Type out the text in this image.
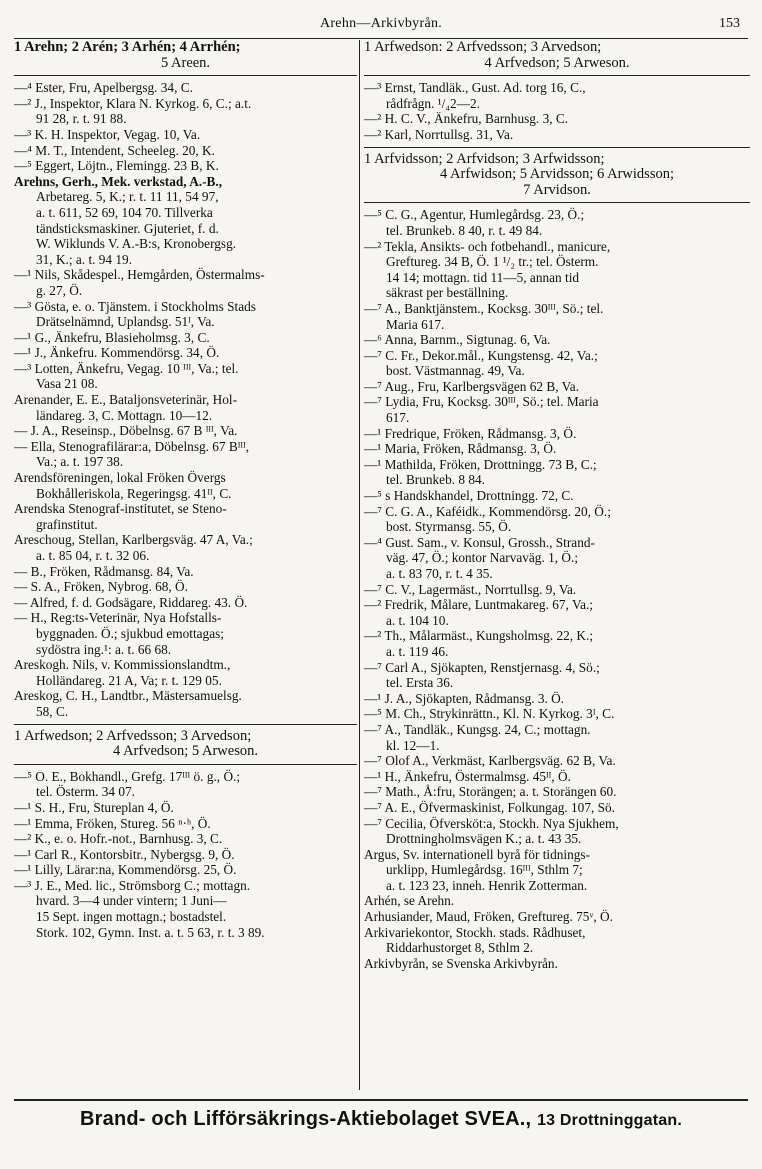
Arehn—Arkivbyrån.	153
1 Arehn; 2 Arén; 3 Arhén; 4 Arrhén;
5 Areen.
—⁴ Ester, Fru, Apelbergsg. 34, C.
—² J., Inspektor, Klara N. Kyrkog. 6, C.; a.t.
91 28, r. t. 91 88.
—³ K. H. Inspektor, Vegag. 10, Va.
—⁴ M. T., Intendent, Scheeleg. 20, K.
—⁵ Eggert, Löjtn., Flemingg. 23 B, K.
Arehns, Gerh., Mek. verkstad, A.-B.,
Arbetareg. 5, K.; r. t. 11 11, 54 97,
a. t. 611, 52 69, 104 70. Tillverka
tändsticksmaskiner. Gjuteriet, f. d.
W. Wiklunds V. A.-B:s, Kronobergsg.
31, K.; a. t. 94 19.
—¹ Nils, Skådespel., Hemgården, Östermalms-
g. 27, Ö.
—³ Gösta, e. o. Tjänstem. i Stockholms Stads
Drätselnämnd, Uplandsg. 51ᴵ, Va.
—¹ G., Änkefru, Blasieholmsg. 3, C.
—¹ J., Änkefru. Kommendörsg. 34, Ö.
—³ Lotten, Änkefru, Vegag. 10 ᴵᴵᴵ, Va.; tel.
Vasa 21 08.
Arenander, E. E., Bataljonsveterinär, Hol-
ländareg. 3, C. Mottagn. 10—12.
— J. A., Reseinsp., Döbelnsg. 67 B ᴵᴵᴵ, Va.
— Ella, Stenografilärar:a, Döbelnsg. 67 Bᴵᴵᴵ,
Va.; a. t. 197 38.
Arendsföreningen, lokal Fröken Övergs
Bokhålleriskola, Regeringsg. 41ᴵᴵ, C.
Arendska Stenograf-institutet, se Steno-
grafinstitut.
Areschoug, Stellan, Karlbergsväg. 47 A, Va.;
a. t. 85 04, r. t. 32 06.
— B., Fröken, Rådmansg. 84, Va.
— S. A., Fröken, Nybrog. 68, Ö.
— Alfred, f. d. Godsägare, Riddareg. 43. Ö.
— H., Reg:ts-Veterinär, Nya Hofstalls-
byggnaden. Ö.; sjukbud emottagas;
sydöstra ing.¹: a. t. 66 68.
Areskogh. Nils, v. Kommissionslandtm.,
Holländareg. 21 A, Va; r. t. 129 05.
Areskog, C. H., Landtbr., Mästersamuelsg.
58, C.
1 Arfwedson; 2 Arfvedsson; 3 Arvedson;
4 Arfvedson; 5 Arweson.
—⁵ O. E., Bokhandl., Grefg. 17ᴵᴵᴵ ö. g., Ö.;
tel. Österm. 34 07.
—¹ S. H., Fru, Stureplan 4, Ö.
—¹ Emma, Fröken, Stureg. 56 ⁿ·ʰ, Ö.
—² K., e. o. Hofr.-not., Barnhusg. 3, C.
—¹ Carl R., Kontorsbitr., Nybergsg. 9, Ö.
—¹ Lilly, Lärar:na, Kommendörsg. 25, Ö.
—³ J. E., Med. lic., Strömsborg C.; mottagn.
hvard. 3—4 under vintern; 1 Juni—
15 Sept. ingen mottagn.; bostadstel.
Stork. 102, Gymn. Inst. a. t. 5 63, r. t. 3 89.
1 Arfwedson: 2 Arfvedsson; 3 Arvedson;
4 Arfvedson; 5 Arweson.
—³ Ernst, Tandläk., Gust. Ad. torg 16, C.,
rådfrågn. ¹/₄2—2.
—² H. C. V., Änkefru, Barnhusg. 3, C.
—² Karl, Norrtullsg. 31, Va.
1 Arfvidsson; 2 Arfvidson; 3 Arfwidsson;
4 Arfwidson; 5 Arvidsson; 6 Arwidsson;
7 Arvidson.
—⁵ C. G., Agentur, Humlegårdsg. 23, Ö.;
tel. Brunkeb. 8 40, r. t. 49 84.
—² Tekla, Ansikts- och fotbehandl., manicure,
Greftureg. 34 B, Ö. 1 ¹/₂ tr.; tel. Österm.
14 14; mottagn. tid 11—5, annan tid
säkrast per beställning.
—⁷ A., Banktjänstem., Kocksg. 30ᴵᴵᴵ, Sö.; tel.
Maria 617.
—⁶ Anna, Barnm., Sigtunag. 6, Va.
—⁷ C. Fr., Dekor.mål., Kungstensg. 42, Va.;
bost. Västmannag. 49, Va.
—⁷ Aug., Fru, Karlbergsvägen 62 B, Va.
—⁷ Lydia, Fru, Kocksg. 30ᴵᴵᴵ, Sö.; tel. Maria
617.
—¹ Fredrique, Fröken, Rådmansg. 3, Ö.
—¹ Maria, Fröken, Rådmansg. 3, Ö.
—¹ Mathilda, Fröken, Drottningg. 73 B, C.;
tel. Brunkeb. 8 84.
—⁵ s Handskhandel, Drottningg. 72, C.
—⁷ C. G. A., Kaféidk., Kommendörsg. 20, Ö.;
bost. Styrmansg. 55, Ö.
—⁴ Gust. Sam., v. Konsul, Grossh., Strand-
väg. 47, Ö.; kontor Narvaväg. 1, Ö.;
a. t. 83 70, r. t. 4 35.
—⁷ C. V., Lagermäst., Norrtullsg. 9, Va.
—² Fredrik, Målare, Luntmakareg. 67, Va.;
a. t. 104 10.
—² Th., Målarmäst., Kungsholmsg. 22, K.;
a. t. 119 46.
—⁷ Carl A., Sjökapten, Renstjernasg. 4, Sö.;
tel. Ersta 36.
—¹ J. A., Sjökapten, Rådmansg. 3. Ö.
—⁵ M. Ch., Strykinrättn., Kl. N. Kyrkog. 3ᴵ, C.
—⁷ A., Tandläk., Kungsg. 24, C.; mottagn.
kl. 12—1.
—⁷ Olof A., Verkmäst, Karlbergsväg. 62 B, Va.
—¹ H., Änkefru, Östermalmsg. 45ᴵᴵ, Ö.
—⁷ Math., Å:fru, Storängen; a. t. Storängen 60.
—⁷ A. E., Öfvermaskinist, Folkungag. 107, Sö.
—⁷ Cecilia, Öfversköt:a, Stockh. Nya Sjukhem,
Drottningholmsvägen K.; a. t. 43 35.
Argus, Sv. internationell byrå för tidnings-
urklipp, Humlegårdsg. 16ᴵᴵᴵ, Sthlm 7;
a. t. 123 23, inneh. Henrik Zotterman.
Arhén, se Arehn.
Arhusiander, Maud, Fröken, Greftureg. 75ᵛ, Ö.
Arkivariekontor, Stockh. stads. Rådhuset,
Riddarhustorget 8, Sthlm 2.
Arkivbyrån, se Svenska Arkivbyrån.
Brand- och Lifförsäkrings-Aktiebolaget SVEA., 13 Drottninggatan.
